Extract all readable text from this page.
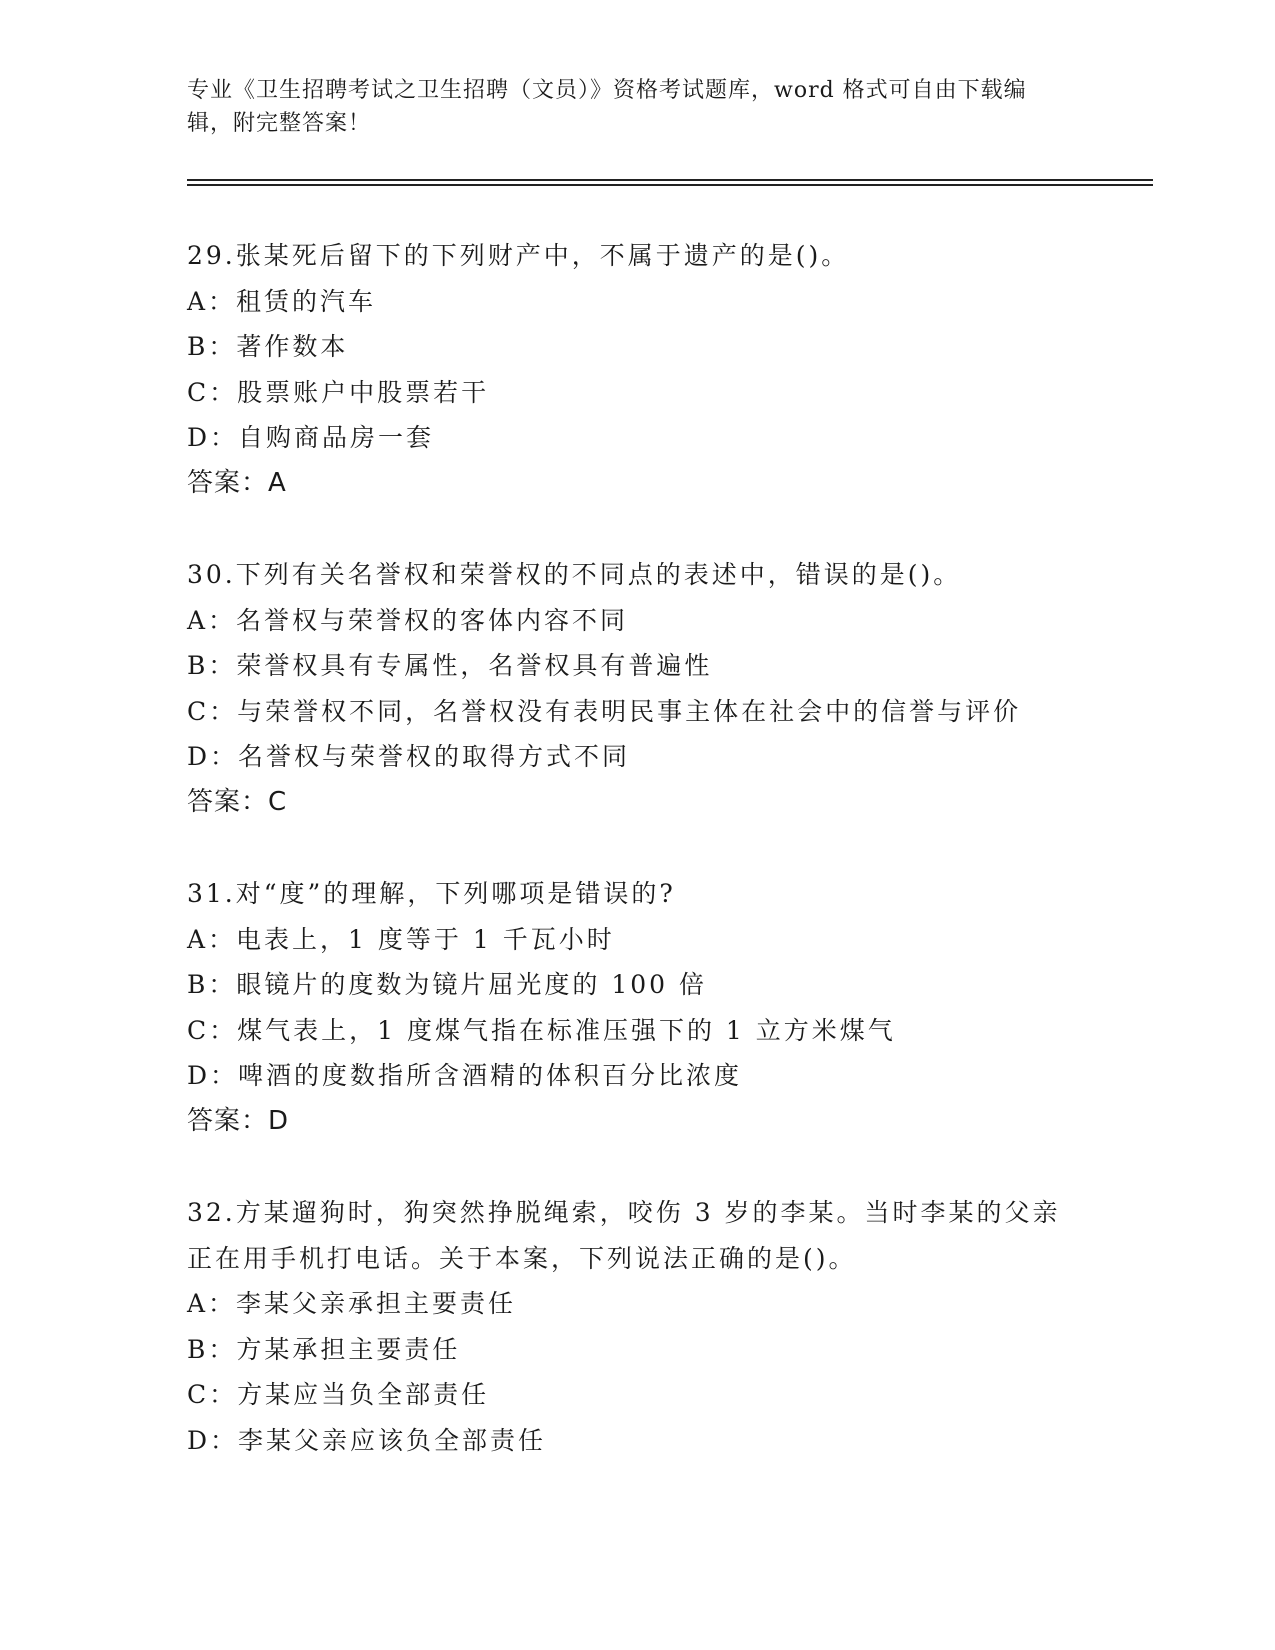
专业《卫生招聘考试之卫生招聘（文员）》资格考试题库，word 格式可自由下载编辑，附完整答案！
29.张某死后留下的下列财产中，不属于遗产的是()。
A：租赁的汽车
B：著作数本
C：股票账户中股票若干
D：自购商品房一套
答案：A
30.下列有关名誉权和荣誉权的不同点的表述中，错误的是()。
A：名誉权与荣誉权的客体内容不同
B：荣誉权具有专属性，名誉权具有普遍性
C：与荣誉权不同，名誉权没有表明民事主体在社会中的信誉与评价
D：名誉权与荣誉权的取得方式不同
答案：C
31.对“度”的理解，下列哪项是错误的?
A：电表上，1 度等于 1 千瓦小时
B：眼镜片的度数为镜片屈光度的 100 倍
C：煤气表上，1 度煤气指在标准压强下的 1 立方米煤气
D：啤酒的度数指所含酒精的体积百分比浓度
答案：D
32.方某遛狗时，狗突然挣脱绳索，咬伤 3 岁的李某。当时李某的父亲
正在用手机打电话。关于本案，下列说法正确的是()。
A：李某父亲承担主要责任
B：方某承担主要责任
C：方某应当负全部责任
D：李某父亲应该负全部责任
